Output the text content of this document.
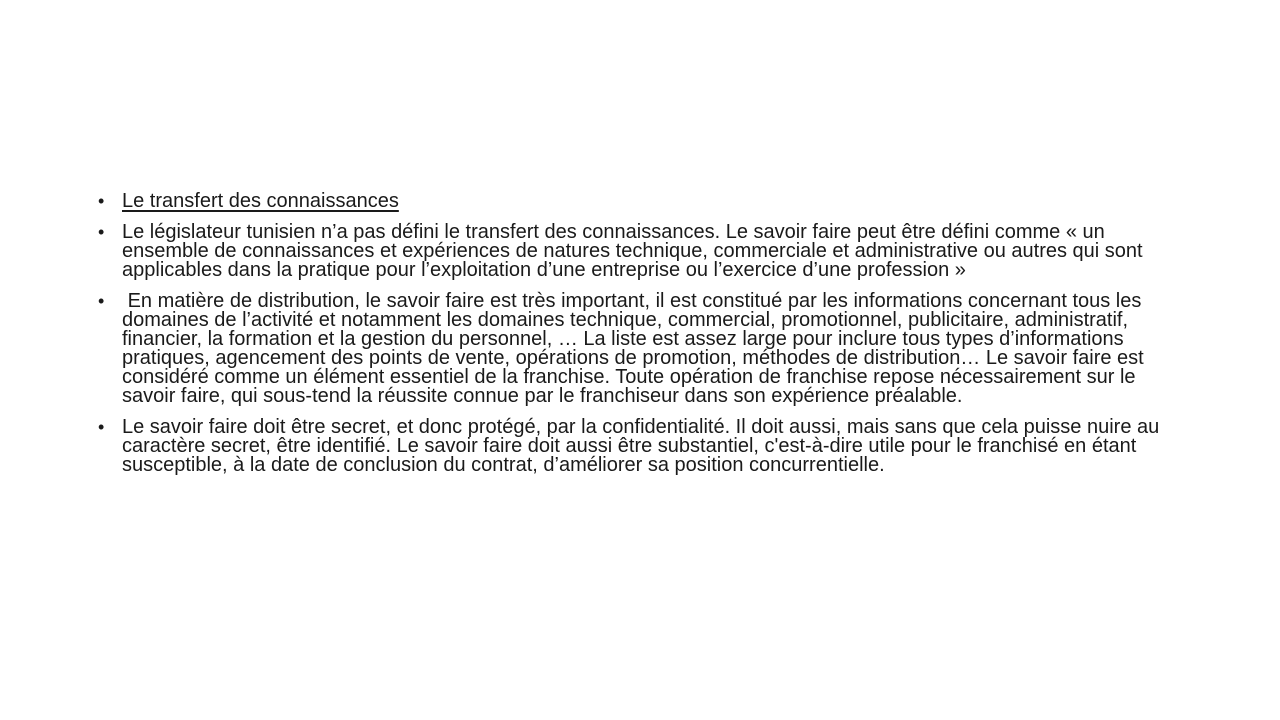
• Le transfert des connaissances
• Le législateur tunisien n’a pas défini le transfert des connaissances. Le savoir faire peut être défini comme « un ensemble de connaissances et expériences de natures technique, commerciale et administrative ou autres qui sont applicables dans la pratique pour l’exploitation d’une entreprise ou l’exercice d’une profession »
• En matière de distribution, le savoir faire est très important, il est constitué par les informations concernant tous les domaines de l’activité et notamment les domaines technique, commercial, promotionnel, publicitaire, administratif, financier, la formation et la gestion du personnel, … La liste est assez large pour inclure tous types d’informations pratiques, agencement des points de vente, opérations de promotion, méthodes de distribution… Le savoir faire est considéré comme un élément essentiel de la franchise. Toute opération de franchise repose nécessairement sur le savoir faire, qui sous-tend la réussite connue par le franchiseur dans son expérience préalable.
• Le savoir faire doit être secret, et donc protégé, par la confidentialité. Il doit aussi, mais sans que cela puisse nuire au caractère secret, être identifié. Le savoir faire doit aussi être substantiel, c'est-à-dire utile pour le franchisé en étant susceptible, à la date de conclusion du contrat, d’améliorer sa position concurrentielle.
